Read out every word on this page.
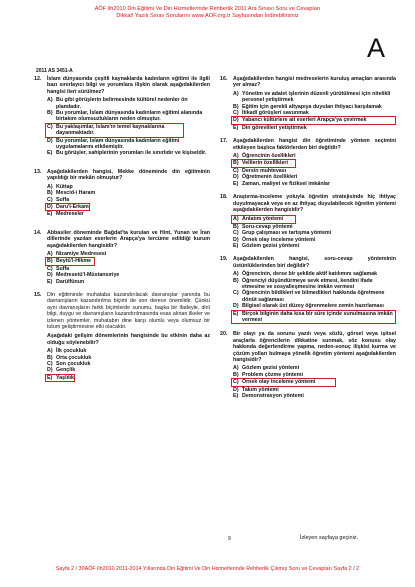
AÖF ilh2010 Din Eğitimi Ve Din Hizmetlerinde Rehberlik 2011 Ara Sınavı Soru ve Cevapları
Dikkat! Yazılı Sınav Sorularını www.AOF.org.tr Sayfasından İndirebilirsiniz
A
2011 AS 3451-A
12.	İslam dünyasında çeşitli kaynaklarda kadınların eğitimi ile ilgili bazı sınırlayıcı bilgi ve yorumlara ilişkin olarak aşağıdakilerden hangisi ileri sürülmez?
A) Bu gibi görüşlerin belirmesinde kültürel nedenler ön plandadır.
B) Bu yorumlar, İslam dünyasında kadınların eğitimi alanında birtakım olumsuzlukların neden olmuştur.
C) Bu yaklaşımlar, İslam'ın temel kaynaklarına dayanmaktadır.
D) Bu yorumlar, İslam dünyasında kadınların eğitimi uygulamalarını etkilemiştir.
E) Bu görüşler, sahiplerinin yorumları ile sınırlıdır ve kişiseldir.
13.	Aşağıdakilerden hangisi, Mekke döneminde din eğitiminin yapıldığı bir mekân olmuştur?
A) Küttap
B) Mescid-i Haram
C) Suffa
D) Daru'l-Erkam
E) Medreseler
14.	Abbasiler döneminde Bağdat'ta kurulan ve Hint, Yunan ve İran dillerinde yazılan eserlerin Arapça'ya tercüme edildiği kurum aşağıdakilerden hangisidir?
A) Nizamiye Medresesi
B) Beytü'l-Hikme
C) Suffa
D) Medresetü'l-Müstansıriye
E) Darülfünun
15.	Din eğitiminde muhataba kazandırılacak davranışlar yanında bu davranışların kazandırılma biçimi de son derece önemlidir. Çünkü aynı davranışların farklı biçimlerde sunumu, başka bir ifadeyle, dinî bilgi, duygu ve davranışların kazandırılmasında esas alınan ilkeler ve izlenen yöntemler, muhatabın dine karşı olumlu veya olumsuz bir tutum geliştirmesine etki olacaktır.
Aşağıdaki gelişim dönemlerinin hangisinde bu etkinin daha az olduğu söylenebilir?
A) İlk çocukluk
B) Orta çocukluk
C) Son çocukluk
D) Gençlik
E) Yaşlılık
16.	Aşağıdakilerden hangisi medreselerin kuruluş amaçları arasında yer almaz?
A) Yönetim ve adalet işlerinin düzenli yürütülmesi için nitelikli personel yetiştirmek
B) Eğitim için gerekli altyapıya duyulan ihtiyacı karşılamak
C) İtikadî görüşleri savunmak
D) Yabancı kültürlere ait eserleri Arapça'ya çevirmek
E) Din görevlileri yetiştirmek
17.	Aşağıdakilerden hangisi din öğretiminde yöntem seçimini etkileyen başlıca faktörlerden biri değildir?
A) Öğrencinin özellikleri
B) Velilerin özellikleri
C) Dersin muhtevası
D) Öğretmenin özellikleri
E) Zaman, maliyet ve fiziksel imkânlar
18.	Araştırma-inceleme yoluyla öğretim stratejisinde hiç ihtiyaç duyulmayacak veya en az ihtiyaç duyulabilecek öğretim yöntemi aşağıdakilerden hangisidir?
A) Anlatım yöntemi
B) Soru-cevap yöntemi
C) Grup çalışması ve tartışma yöntemi
D) Örnek olay inceleme yöntemi
E) Gözlem gezisi yöntemi
19.	Aşağıdakilerden hangisi, soru-cevap yönteminin üstünlüklerinden biri değildir?
A) Öğrencinin, derse bir şekilde aktif katılımını sağlamak
B) Öğrenciyi düşündürmeye sevk etmesi, kendini ifade etmesine ve sosyalleşmesine imkân vermesi
C) Öğrencinin bildikleri ve bilmedikleri hakkında öğretmene dönüt sağlaması
D) Bilgisel olarak üst düzey öğrenmelere zemin hazırlaması
E) Birçok bilginin daha kısa bir süre içinde sunulmasına imkân vermesi
20.	Bir olayı ya da sorunu yazılı veya sözlü, görsel veya işitsel araçlarla öğrencilerin dikkatine sunmak, söz konusu olay hakkında değerlendirme yapma, neden-sonuç ilişkisi kurma ve çözüm yolları bulmaya yönelik öğretim yöntemi aşağıdakilerden hangisidir?
A) Gözlem gezisi yöntemi
B) Problem çözme yöntemi
C) Örnek olay inceleme yöntemi
D) Takım yöntemi
E) Demonstrasyon yöntemi
9	İzleyen sayfaya geçiniz.
Sayfa 2 / 30AÖF ilh2010 2011-2014 Yıllarında Din Eğitimi Ve Din Hizmetlerinde Rehberlik Çıkmış Soru ve Cevapları Sayfa 2 / 2
